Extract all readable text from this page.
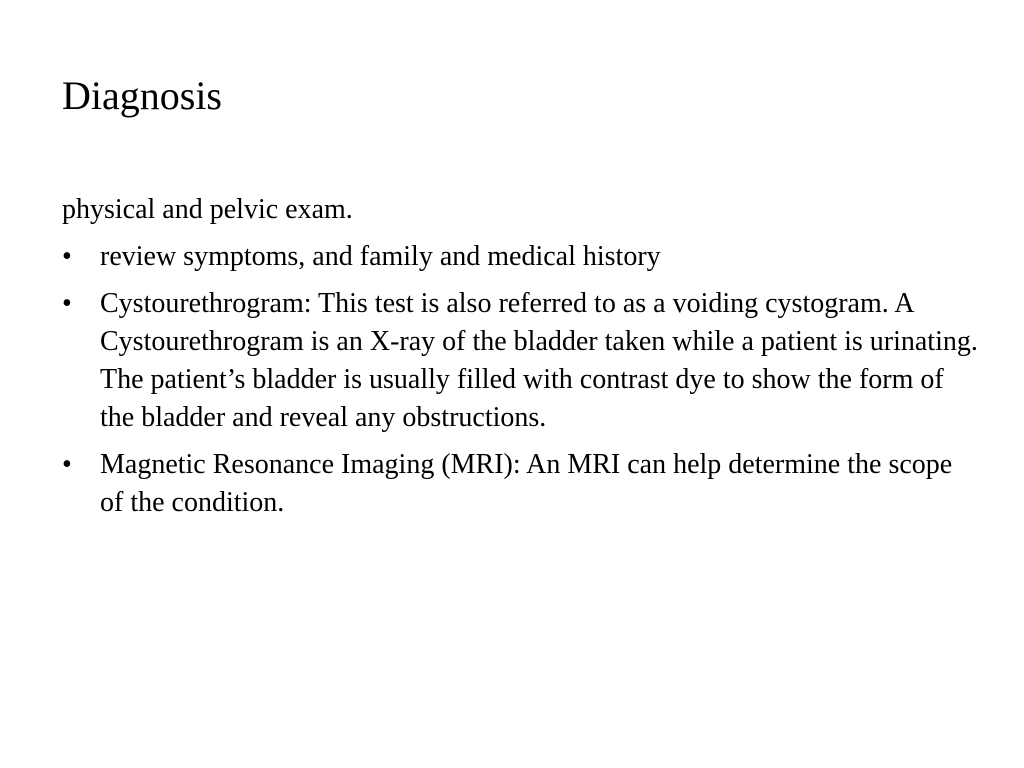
Diagnosis

physical and pelvic exam.

•	review symptoms, and family and medical history
•	Cystourethrogram: This test is also referred to as a voiding cystogram. A Cystourethrogram is an X-ray of the bladder taken while a patient is urinating. The patient’s bladder is usually filled with contrast dye to show the form of the bladder and reveal any obstructions.
•	Magnetic Resonance Imaging (MRI): An MRI can help determine the scope of the condition.
